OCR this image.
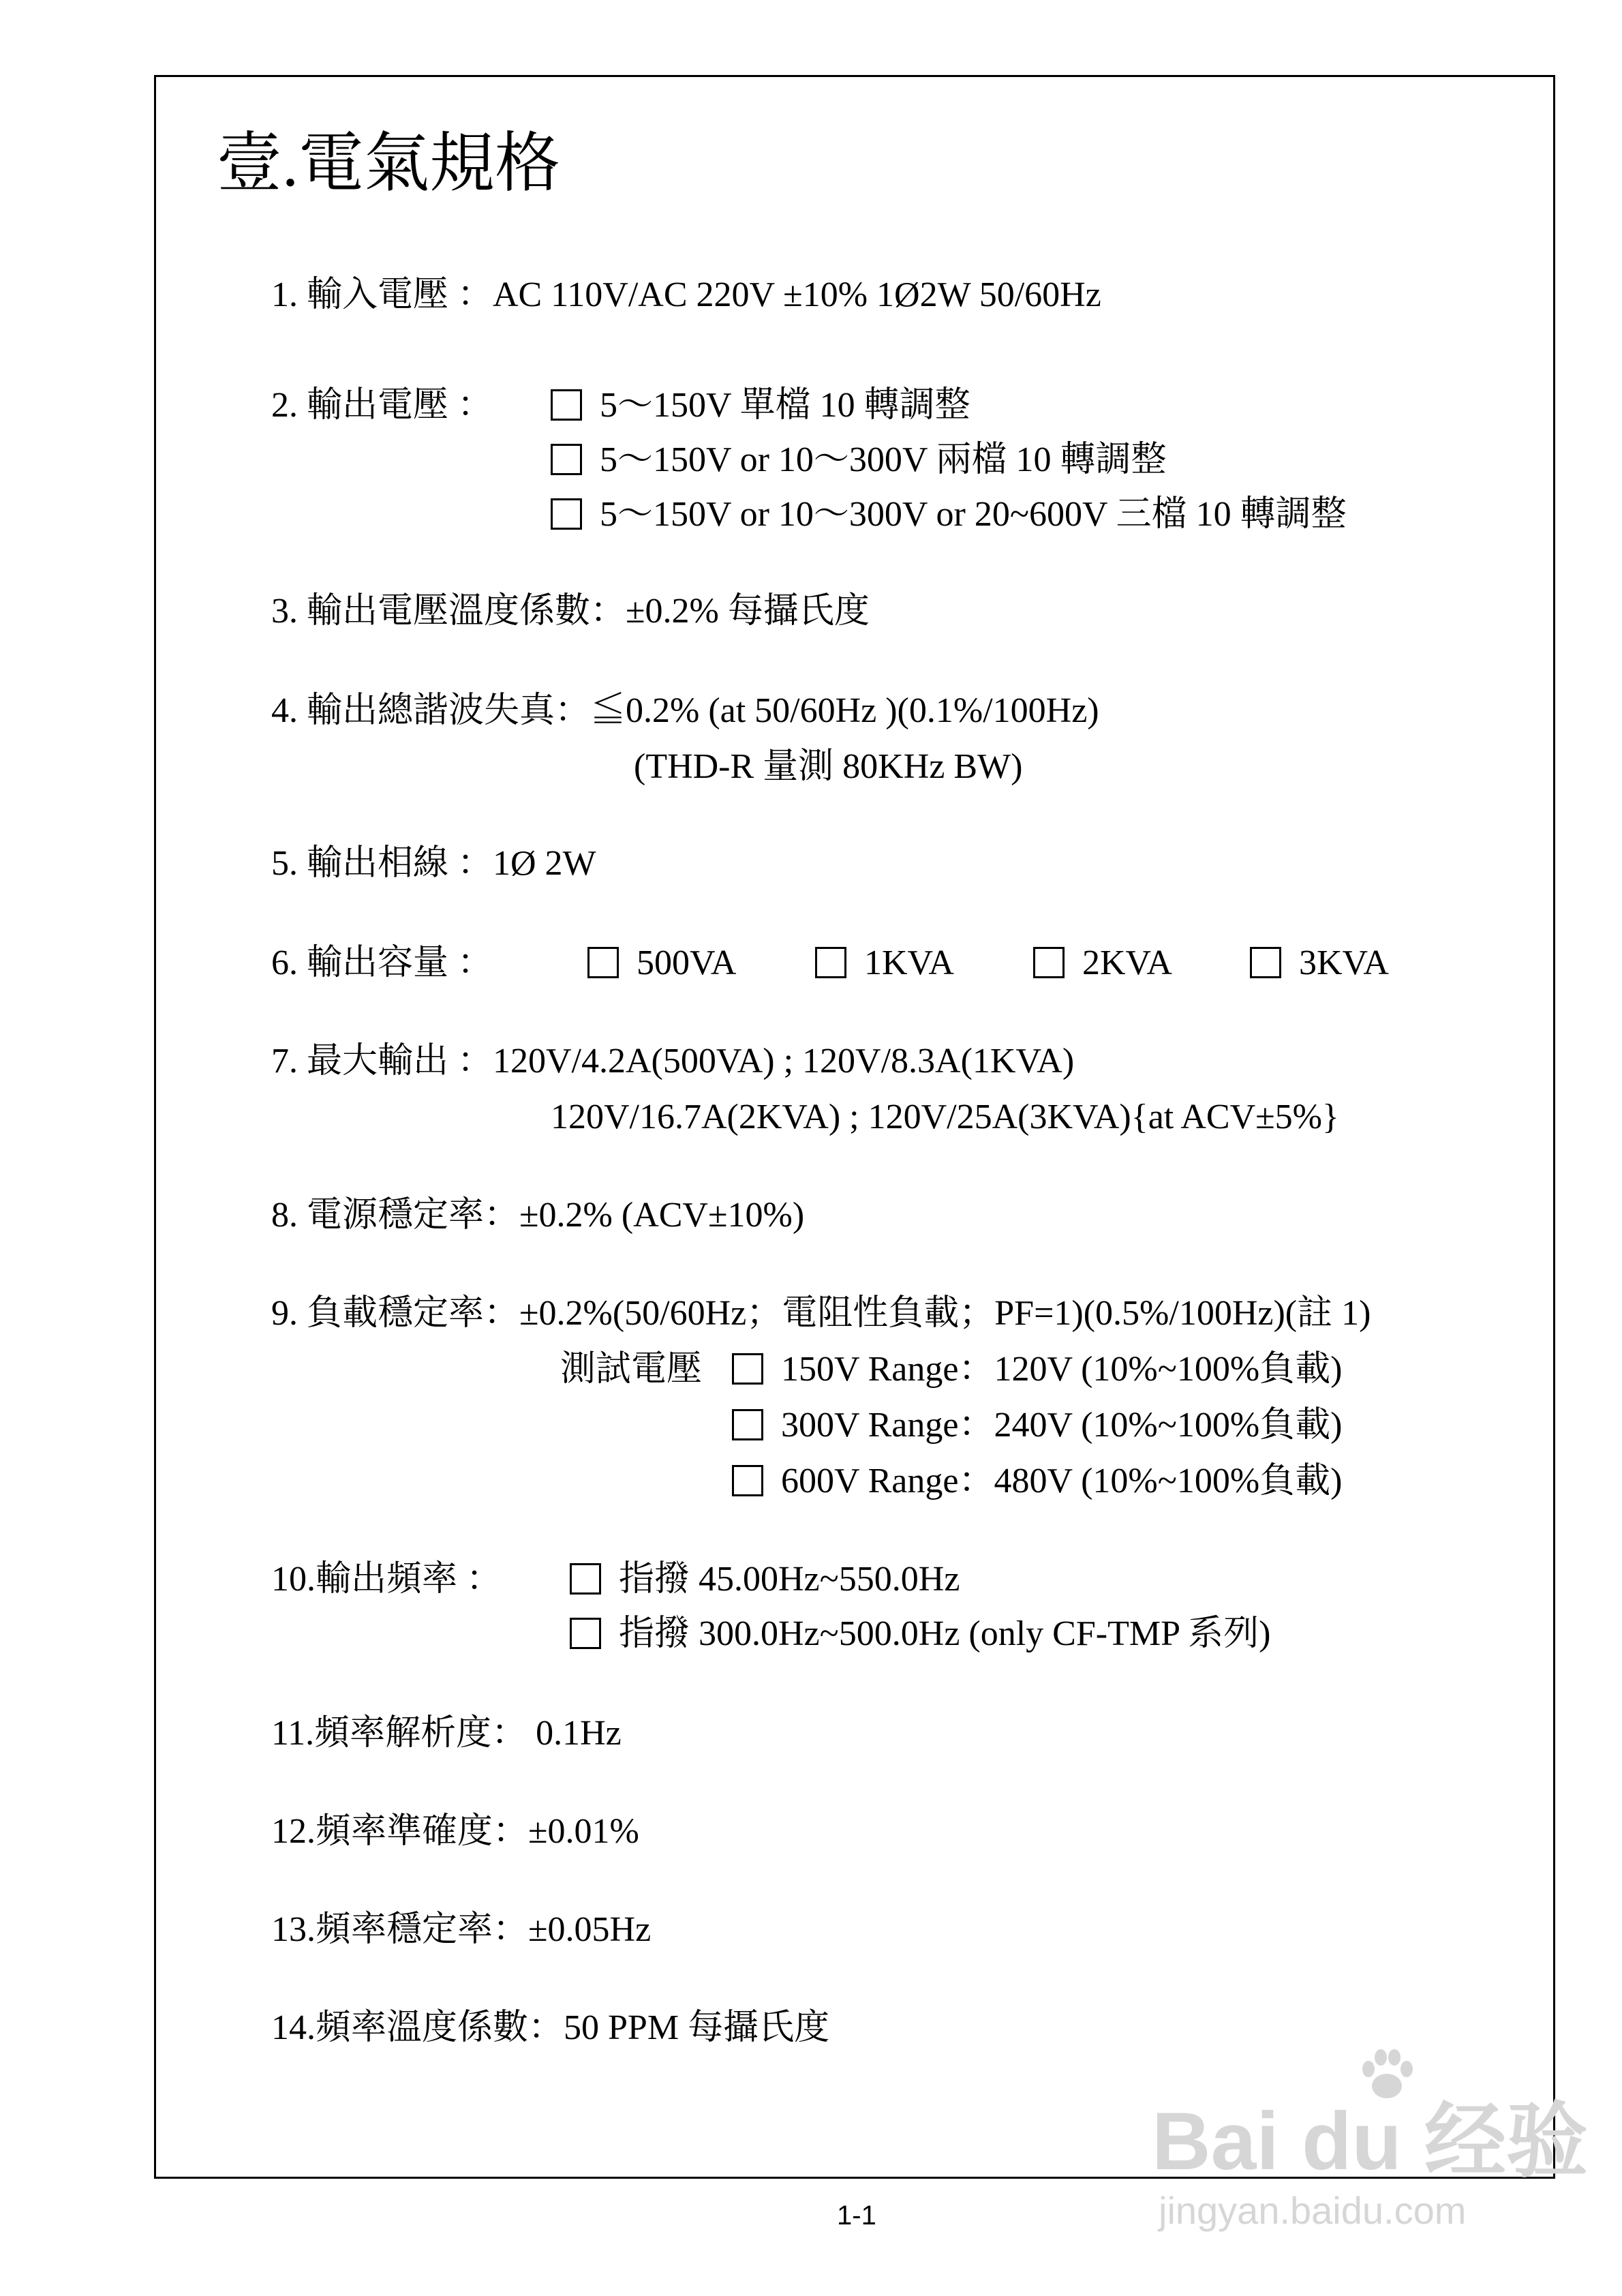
壹.電氣規格
1. 輸入電壓 ：AC 110V/AC 220V ±10% 1Ø2W 50/60Hz
2. 輸出電壓 ：	5～150V 單檔 10 轉調整
5～150V or 10～300V 兩檔 10 轉調整
5～150V or 10～300V or 20~600V 三檔 10 轉調整
3. 輸出電壓溫度係數：±0.2% 每攝氏度
4. 輸出總諧波失真：≦0.2% (at 50/60Hz )(0.1%/100Hz)
(THD-R 量測 80KHz BW)
5. 輸出相線 ：1Ø 2W
6. 輸出容量 ：	500VA	1KVA	2KVA	3KVA
7. 最大輸出 ：120V/4.2A(500VA) ; 120V/8.3A(1KVA)
120V/16.7A(2KVA) ; 120V/25A(3KVA){at ACV±5%}
8. 電源穩定率：±0.2% (ACV±10%)
9. 負載穩定率：±0.2%(50/60Hz；電阻性負載；PF=1)(0.5%/100Hz)(註 1)
測試電壓	150V Range：120V (10%~100%負載)
300V Range：240V (10%~100%負載)
600V Range：480V (10%~100%負載)
10.輸出頻率 ：	指撥 45.00Hz~550.0Hz
指撥 300.0Hz~500.0Hz (only CF-TMP 系列)
11.頻率解析度： 0.1Hz
12.頻率準確度：±0.01%
13.頻率穩定率：±0.05Hz
14.頻率溫度係數：50 PPM 每攝氏度
Bai du 经验
jingyan.baidu.com
1-1
